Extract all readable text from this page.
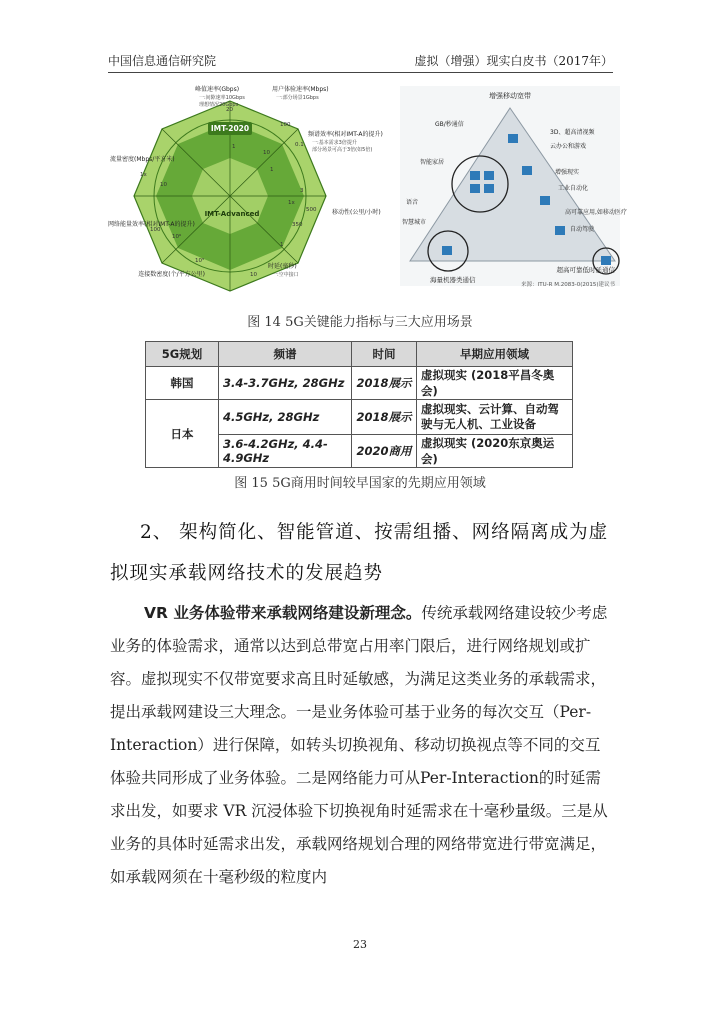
中国信息通信研究院	虚拟（增强）现实白皮书（2017年）
IMT-2020
IMT-Advanced
峰值速率(Gbps)
一:间隙速率10Gbps
理想情况20Gbps
用户体验速率(Mbps)
一:部分场景1Gbps
频谱效率(相对IMT-A的提升)
一:基本需求3倍提升
部分场景可高于3倍(如5倍)
移动性(公里/小时)
时延(毫秒)
一:空中接口
连接数密度(个/平方公里)
网络能量效率(相对IMT-A的提升)
流量密度(Mbps/平方米)
20
1
100
10
0.1
1
3
1x
500
350
1
10
10⁵
10⁶
100
1x
10
增强移动宽带
GB/秒通信
3D、超高清视频
云办公和游戏
智能家居
增强现实
工业自动化
语音
智慧城市
高可靠应用,如移动医疗
自动驾驶
海量机器类通信
超高可靠低时延通信
来源：ITU-R M.2083-0(2015)建议书
图 14 5G关键能力指标与三大应用场景
5G规划	频谱	时间	早期应用领域
韩国	3.4-3.7GHz, 28GHz	2018展示	虚拟现实 (2018平昌冬奥会)
日本	4.5GHz, 28GHz	2018展示	虚拟现实、云计算、自动驾驶与无人机、工业设备
	3.6-4.2GHz, 4.4-4.9GHz	2020商用	虚拟现实 (2020东京奥运会)
图 15 5G商用时间较早国家的先期应用领域
2、 架构简化、智能管道、按需组播、网络隔离成为虚
拟现实承载网络技术的发展趋势

VR 业务体验带来承载网络建设新理念。传统承载网络建设较少考虑业务的体验需求，通常以达到总带宽占用率门限后，进行网络规划或扩容。虚拟现实不仅带宽要求高且时延敏感，为满足这类业务的承载需求，提出承载网建设三大理念。一是业务体验可基于业务的每次交互（Per-Interaction）进行保障，如转头切换视角、移动切换视点等不同的交互体验共同形成了业务体验。二是网络能力可从Per-Interaction的时延需求出发，如要求 VR 沉浸体验下切换视角时延需求在十毫秒量级。三是从业务的具体时延需求出发，承载网络规划合理的网络带宽进行带宽满足，如承载网须在十毫秒级的粒度内

23
